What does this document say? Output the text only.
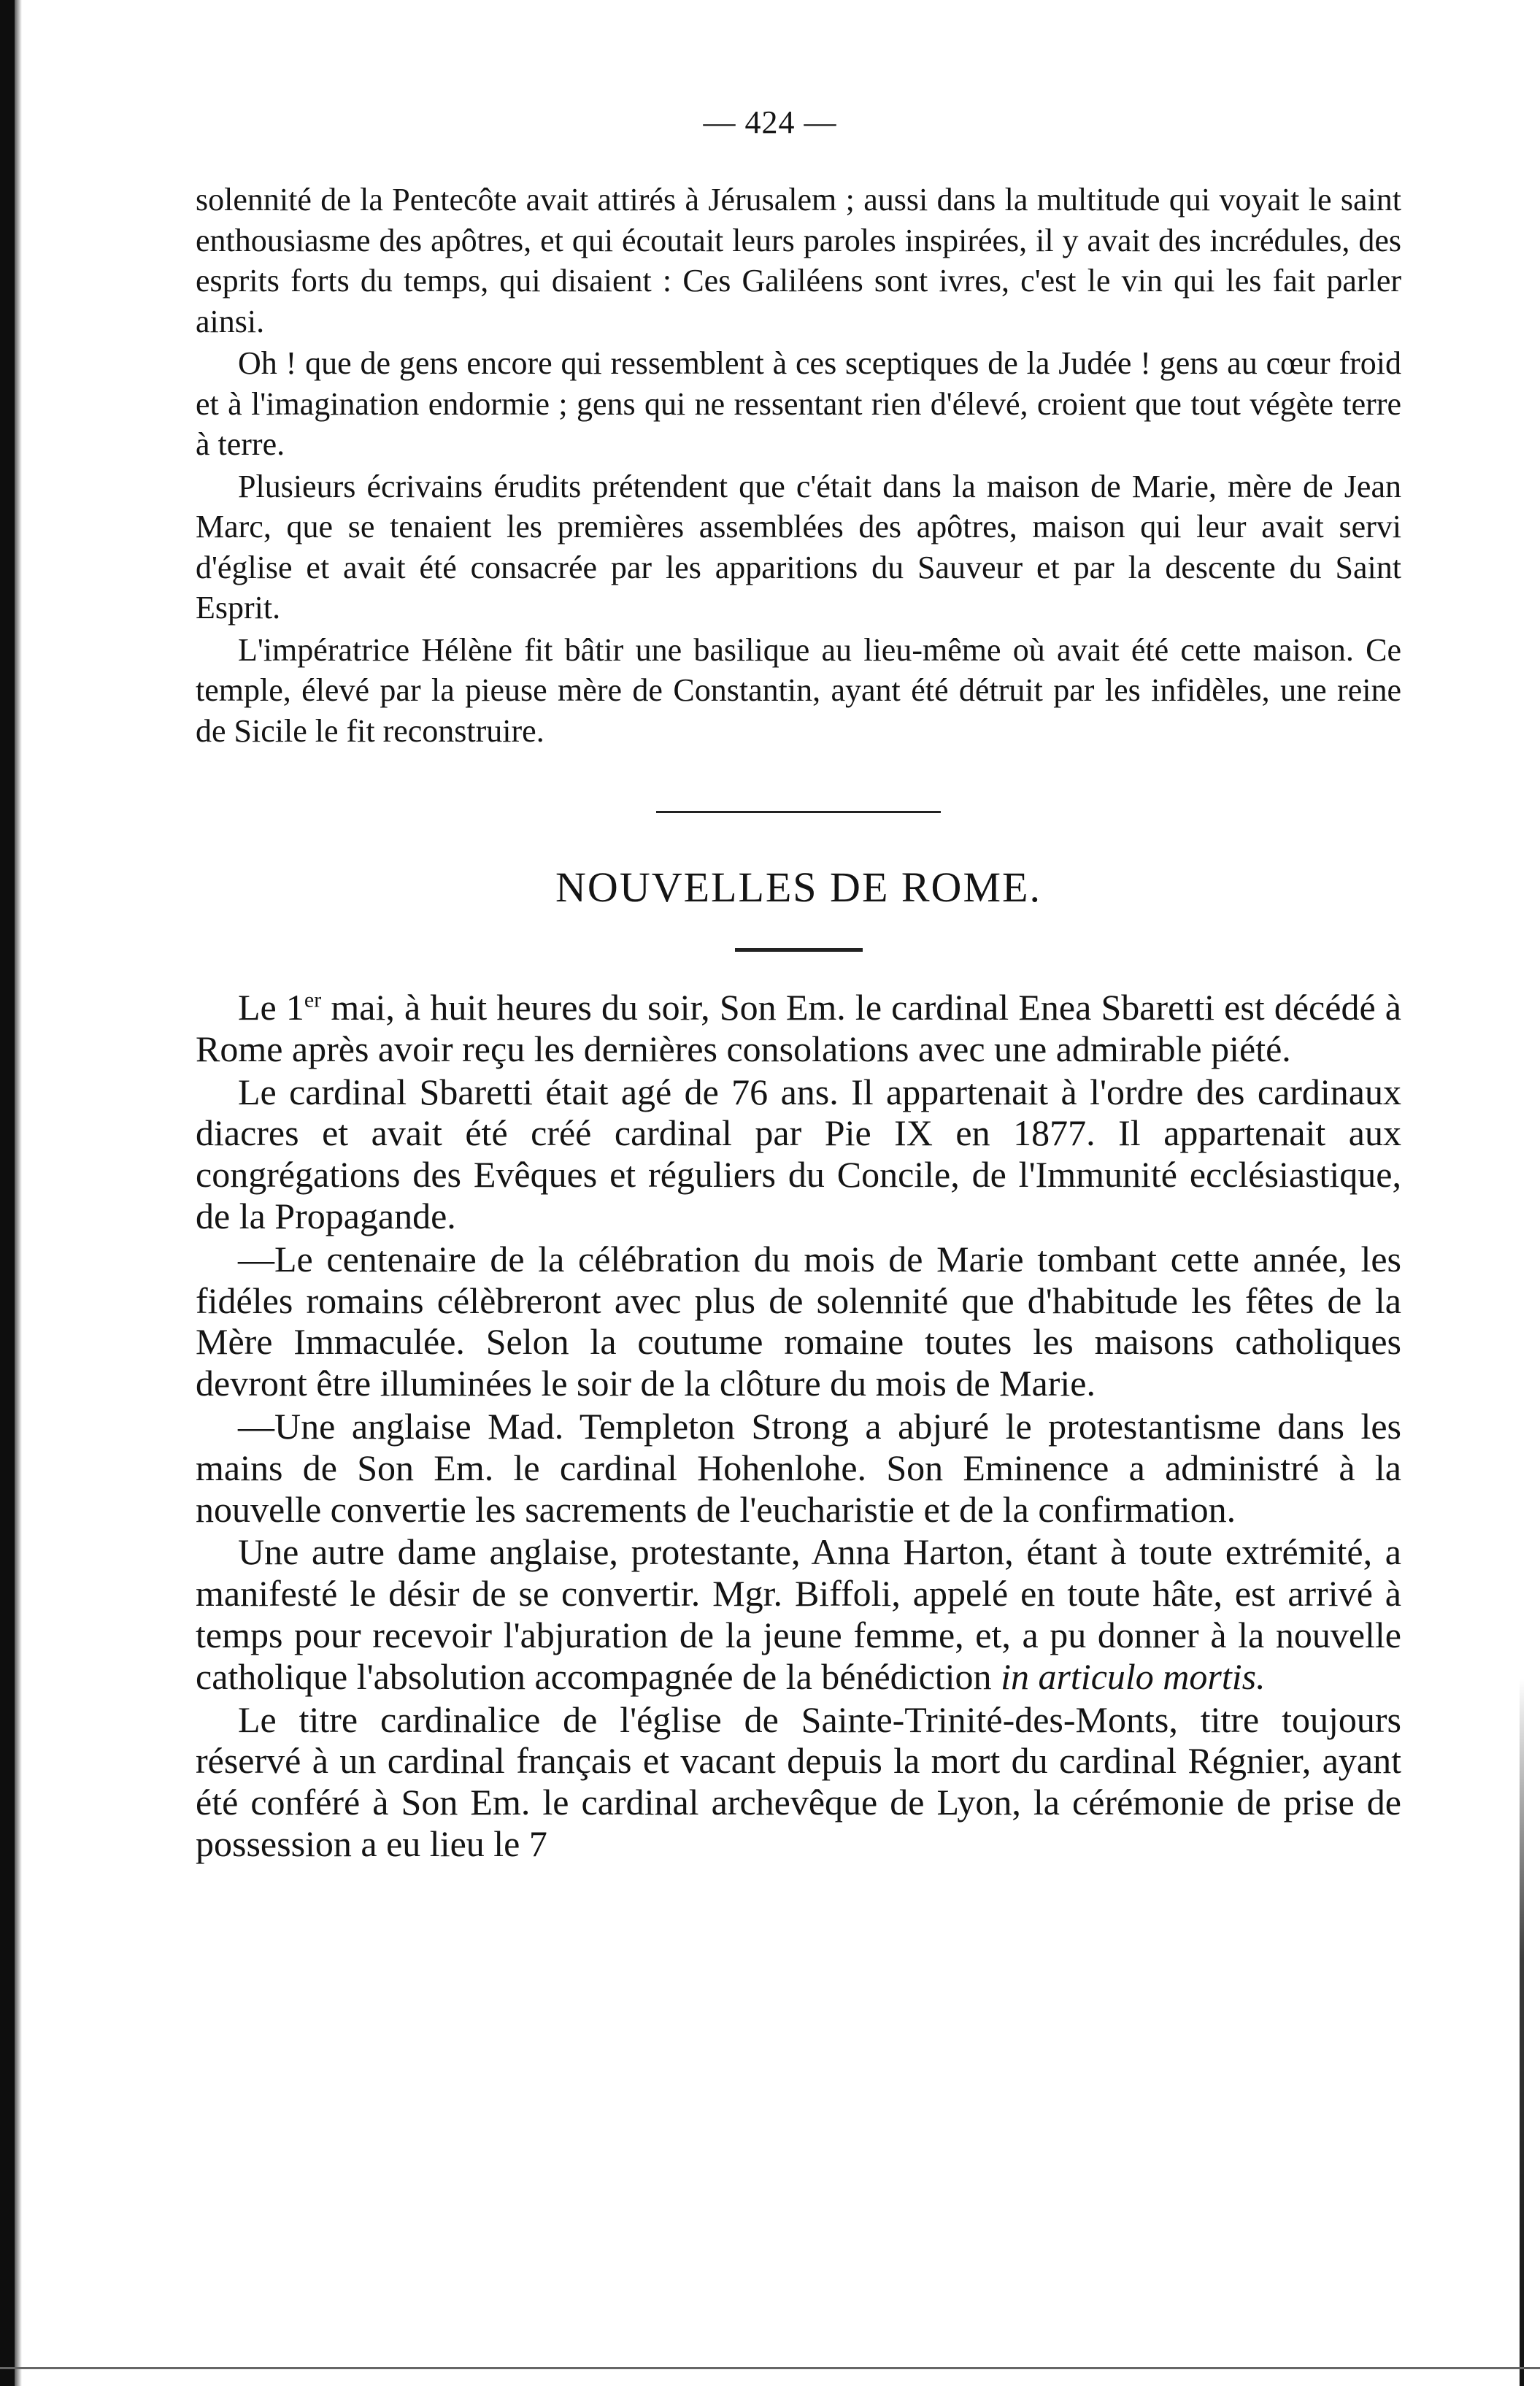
— 424 —

solennité de la Pentecôte avait attirés à Jérusalem ; aussi dans la multitude qui voyait le saint enthousiasme des apôtres, et qui écoutait leurs paroles inspirées, il y avait des incrédules, des esprits forts du temps, qui disaient : Ces Galiléens sont ivres, c'est le vin qui les fait parler ainsi.

Oh ! que de gens encore qui ressemblent à ces sceptiques de la Judée ! gens au cœur froid et à l'imagination endormie ; gens qui ne ressentant rien d'élevé, croient que tout végète terre à terre.

Plusieurs écrivains érudits prétendent que c'était dans la maison de Marie, mère de Jean Marc, que se tenaient les premières assemblées des apôtres, maison qui leur avait servi d'église et avait été consacrée par les apparitions du Sauveur et par la descente du Saint Esprit.

L'impératrice Hélène fit bâtir une basilique au lieu-même où avait été cette maison. Ce temple, élevé par la pieuse mère de Constantin, ayant été détruit par les infidèles, une reine de Sicile le fit reconstruire.

NOUVELLES DE ROME.

Le 1er mai, à huit heures du soir, Son Em. le cardinal Enea Sbaretti est décédé à Rome après avoir reçu les dernières consolations avec une admirable piété.

Le cardinal Sbaretti était agé de 76 ans. Il appartenait à l'ordre des cardinaux diacres et avait été créé cardinal par Pie IX en 1877. Il appartenait aux congrégations des Evêques et réguliers du Concile, de l'Immunité ecclésiastique, de la Propagande.

—Le centenaire de la célébration du mois de Marie tombant cette année, les fidéles romains célèbreront avec plus de solennité que d'habitude les fêtes de la Mère Immaculée. Selon la coutume romaine toutes les maisons catholiques devront être illuminées le soir de la clôture du mois de Marie.

—Une anglaise Mad. Templeton Strong a abjuré le protestantisme dans les mains de Son Em. le cardinal Hohenlohe. Son Eminence a administré à la nouvelle convertie les sacrements de l'eucharistie et de la confirmation.

Une autre dame anglaise, protestante, Anna Harton, étant à toute extrémité, a manifesté le désir de se convertir. Mgr. Biffoli, appelé en toute hâte, est arrivé à temps pour recevoir l'abjuration de la jeune femme, et, a pu donner à la nouvelle catholique l'absolution accompagnée de la bénédiction in articulo mortis.

Le titre cardinalice de l'église de Sainte-Trinité-des-Monts, titre toujours réservé à un cardinal français et vacant depuis la mort du cardinal Régnier, ayant été conféré à Son Em. le cardinal archevêque de Lyon, la cérémonie de prise de possession a eu lieu le 7
